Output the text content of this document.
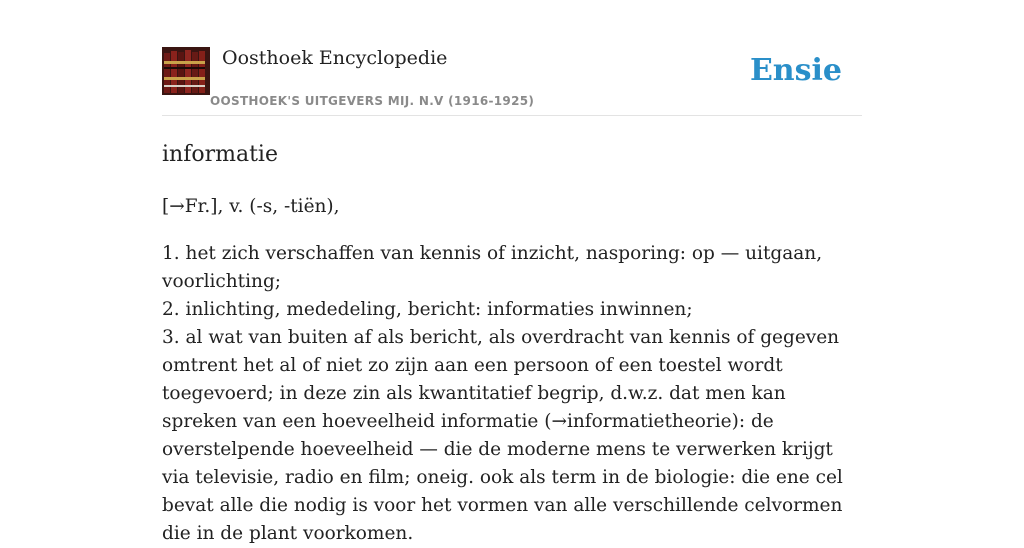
Oosthoek Encyclopedie
OOSTHOEK'S UITGEVERS MIJ. N.V (1916-1925)
Ensie
informatie

[→Fr.], v. (-s, -tiën),

1. het zich verschaffen van kennis of inzicht, nasporing: op — uitgaan, voorlichting;
2. inlichting, mededeling, bericht: informaties inwinnen;
3. al wat van buiten af als bericht, als overdracht van kennis of gegeven omtrent het al of niet zo zijn aan een persoon of een toestel wordt toegevoerd; in deze zin als kwantitatief begrip, d.w.z. dat men kan spreken van een hoeveelheid informatie (→informatietheorie): de overstelpende hoeveelheid — die de moderne mens te verwerken krijgt via televisie, radio en film; oneig. ook als term in de biologie: die ene cel bevat alle die nodig is voor het vormen van alle verschillende celvormen die in de plant voorkomen.
